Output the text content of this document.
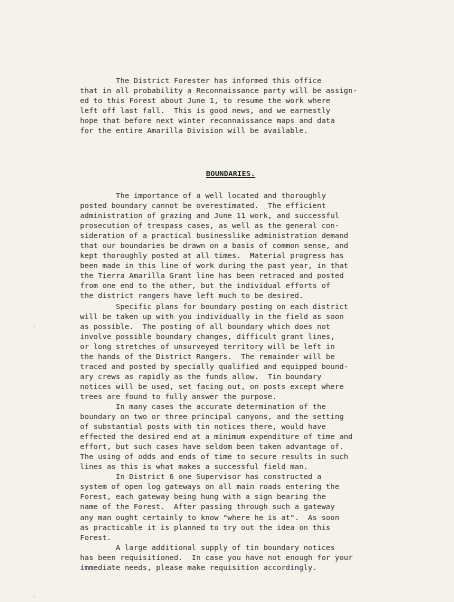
The District Forester has informed this office
that in all probability a Reconnaissance party will be assign-
ed to this Forest about June 1, to resume the work where
left off last fall.  This is good news, and we earnestly
hope that before next winter reconnaissance maps and data
for the entire Amarilla Division will be available.
BOUNDARIES.
The importance of a well located and thoroughly
posted boundary cannot be overestimated.  The efficient
administration of grazing and June 11 work, and successful
prosecution of trespass cases, as well as the general con-
sideration of a practical businesslike administration demand
that our boundaries be drawn on a basis of common sense, and
kept thoroughly posted at all times.  Material progress has
been made in this line of work during the past year, in that
the Tierra Amarilla Grant line has been retraced and posted
from one end to the other, but the individual efforts of
the district rangers have left much to be desired.
Specific plans for boundary posting on each district
will be taken up with you individually in the field as soon
as possible.  The posting of all boundary which does not
involve possible boundary changes, difficult grant lines,
or long stretches of unsurveyed territory will be left in
the hands of the District Rangers.  The remainder will be
traced and posted by specially qualified and equipped bound-
ary crews as rapidly as the funds allow.  Tin boundary
notices will be used, set facing out, on posts except where
trees are found to fully answer the purpose.
In many cases the accurate determination of the
boundary on two or three principal canyons, and the setting
of substantial posts with tin notices there, would have
effected the desired end at a minimum expenditure of time and
effort, but such cases have seldom been taken advantage of.
The using of odds and ends of time to secure results in such
lines as this is what makes a successful field man.
In District 6 one Supervisor has constructed a
system of open log gateways on all main roads entering the
Forest, each gateway being hung with a sign bearing the
name of the Forest.  After passing through such a gateway
any man ought certainly to know "where he is at".  As soon
as practicable it is planned to try out the idea on this
Forest.
A large additional supply of tin boundary notices
has been requisitioned.  In case you have not enough for your
immediate needs, please make requisition accordingly.
-
-
